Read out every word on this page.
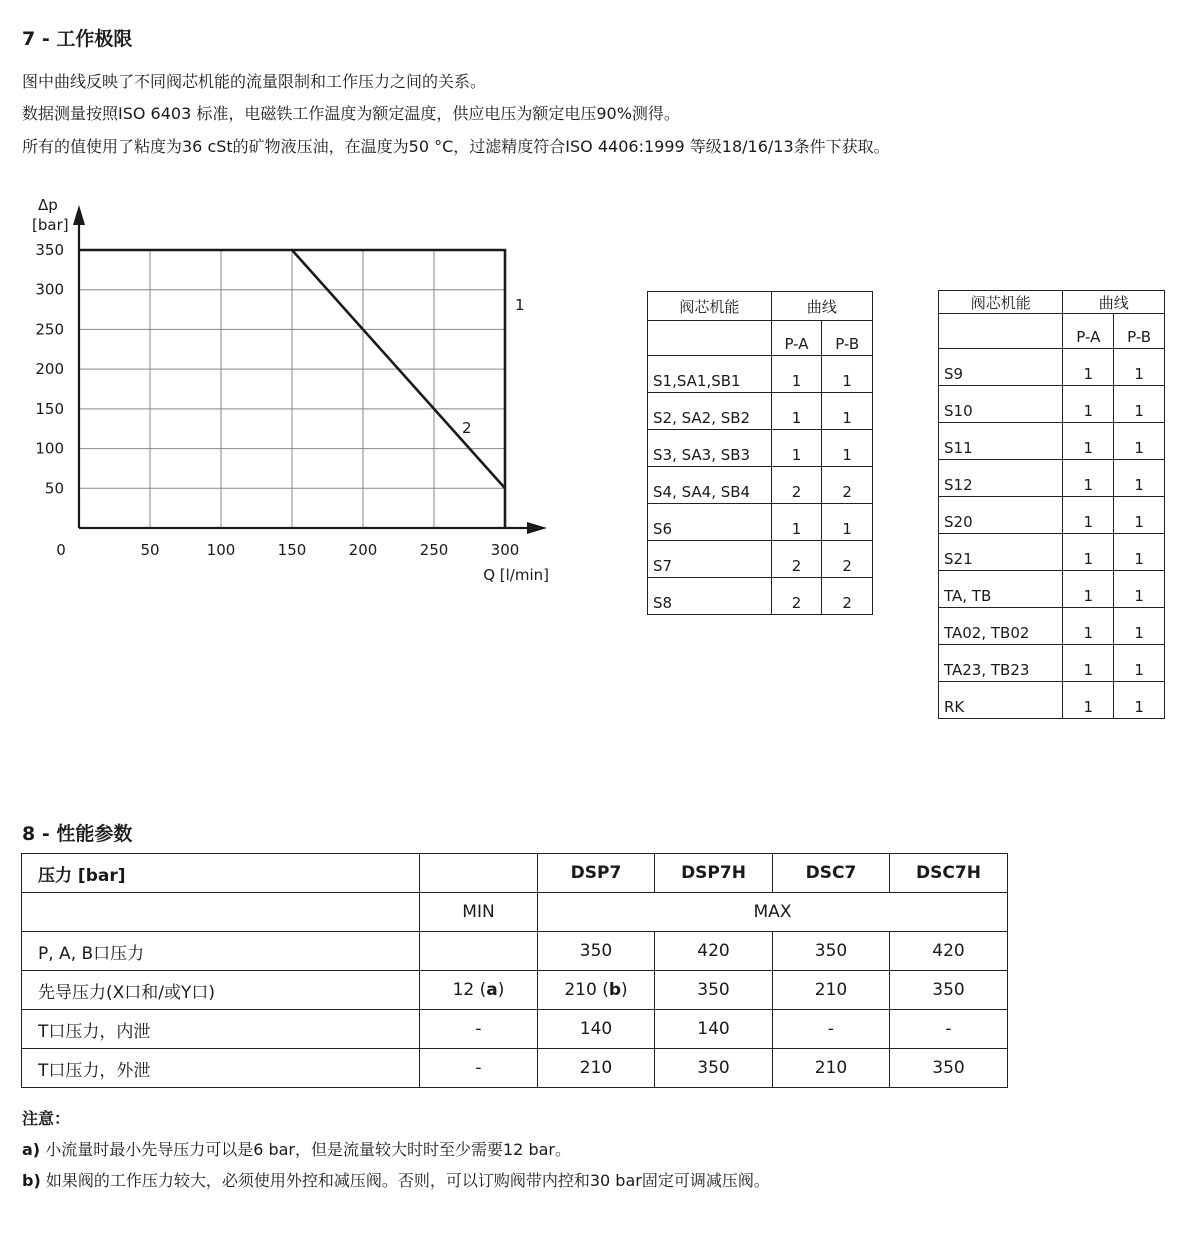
7 - 工作极限
图中曲线反映了不同阀芯机能的流量限制和工作压力之间的关系。
数据测量按照ISO 6403 标准，电磁铁工作温度为额定温度，供应电压为额定电压90%测得。
所有的值使用了粘度为36 cSt的矿物液压油，在温度为50 °C，过滤精度符合ISO 4406:1999 等级18/16/13条件下获取。
1
2
0	50	100	150	200	250	300
50
100
150
200
250
300
350
Δp
[bar]
Q [l/min]
阀芯机能	曲线	
	P-A	P-B
S1,SA1,SB1	1	1
S2, SA2, SB2	1	1
S3, SA3, SB3	1	1
S4, SA4, SB4	2	2
S6	1	1
S7	2	2
S8	2	2
阀芯机能	曲线	
	P-A	P-B
S9	1	1
S10	1	1
S11	1	1
S12	1	1
S20	1	1
S21	1	1
TA, TB	1	1
TA02, TB02	1	1
TA23, TB23	1	1
RK	1	1
8 - 性能参数
压力 [bar]		DSP7	DSP7H	DSC7	DSC7H
	MIN	MAX			
P, A, B口压力		350	420	350	420
先导压力(X口和/或Y口)	12 (a)	210 (b)	350	210	350
T口压力，内泄	-	140	140	-	-
T口压力，外泄	-	210	350	210	350
注意：
a) 小流量时最小先导压力可以是6 bar，但是流量较大时时至少需要12 bar。
b) 如果阀的工作压力较大，必须使用外控和减压阀。否则，可以订购阀带内控和30 bar固定可调减压阀。
